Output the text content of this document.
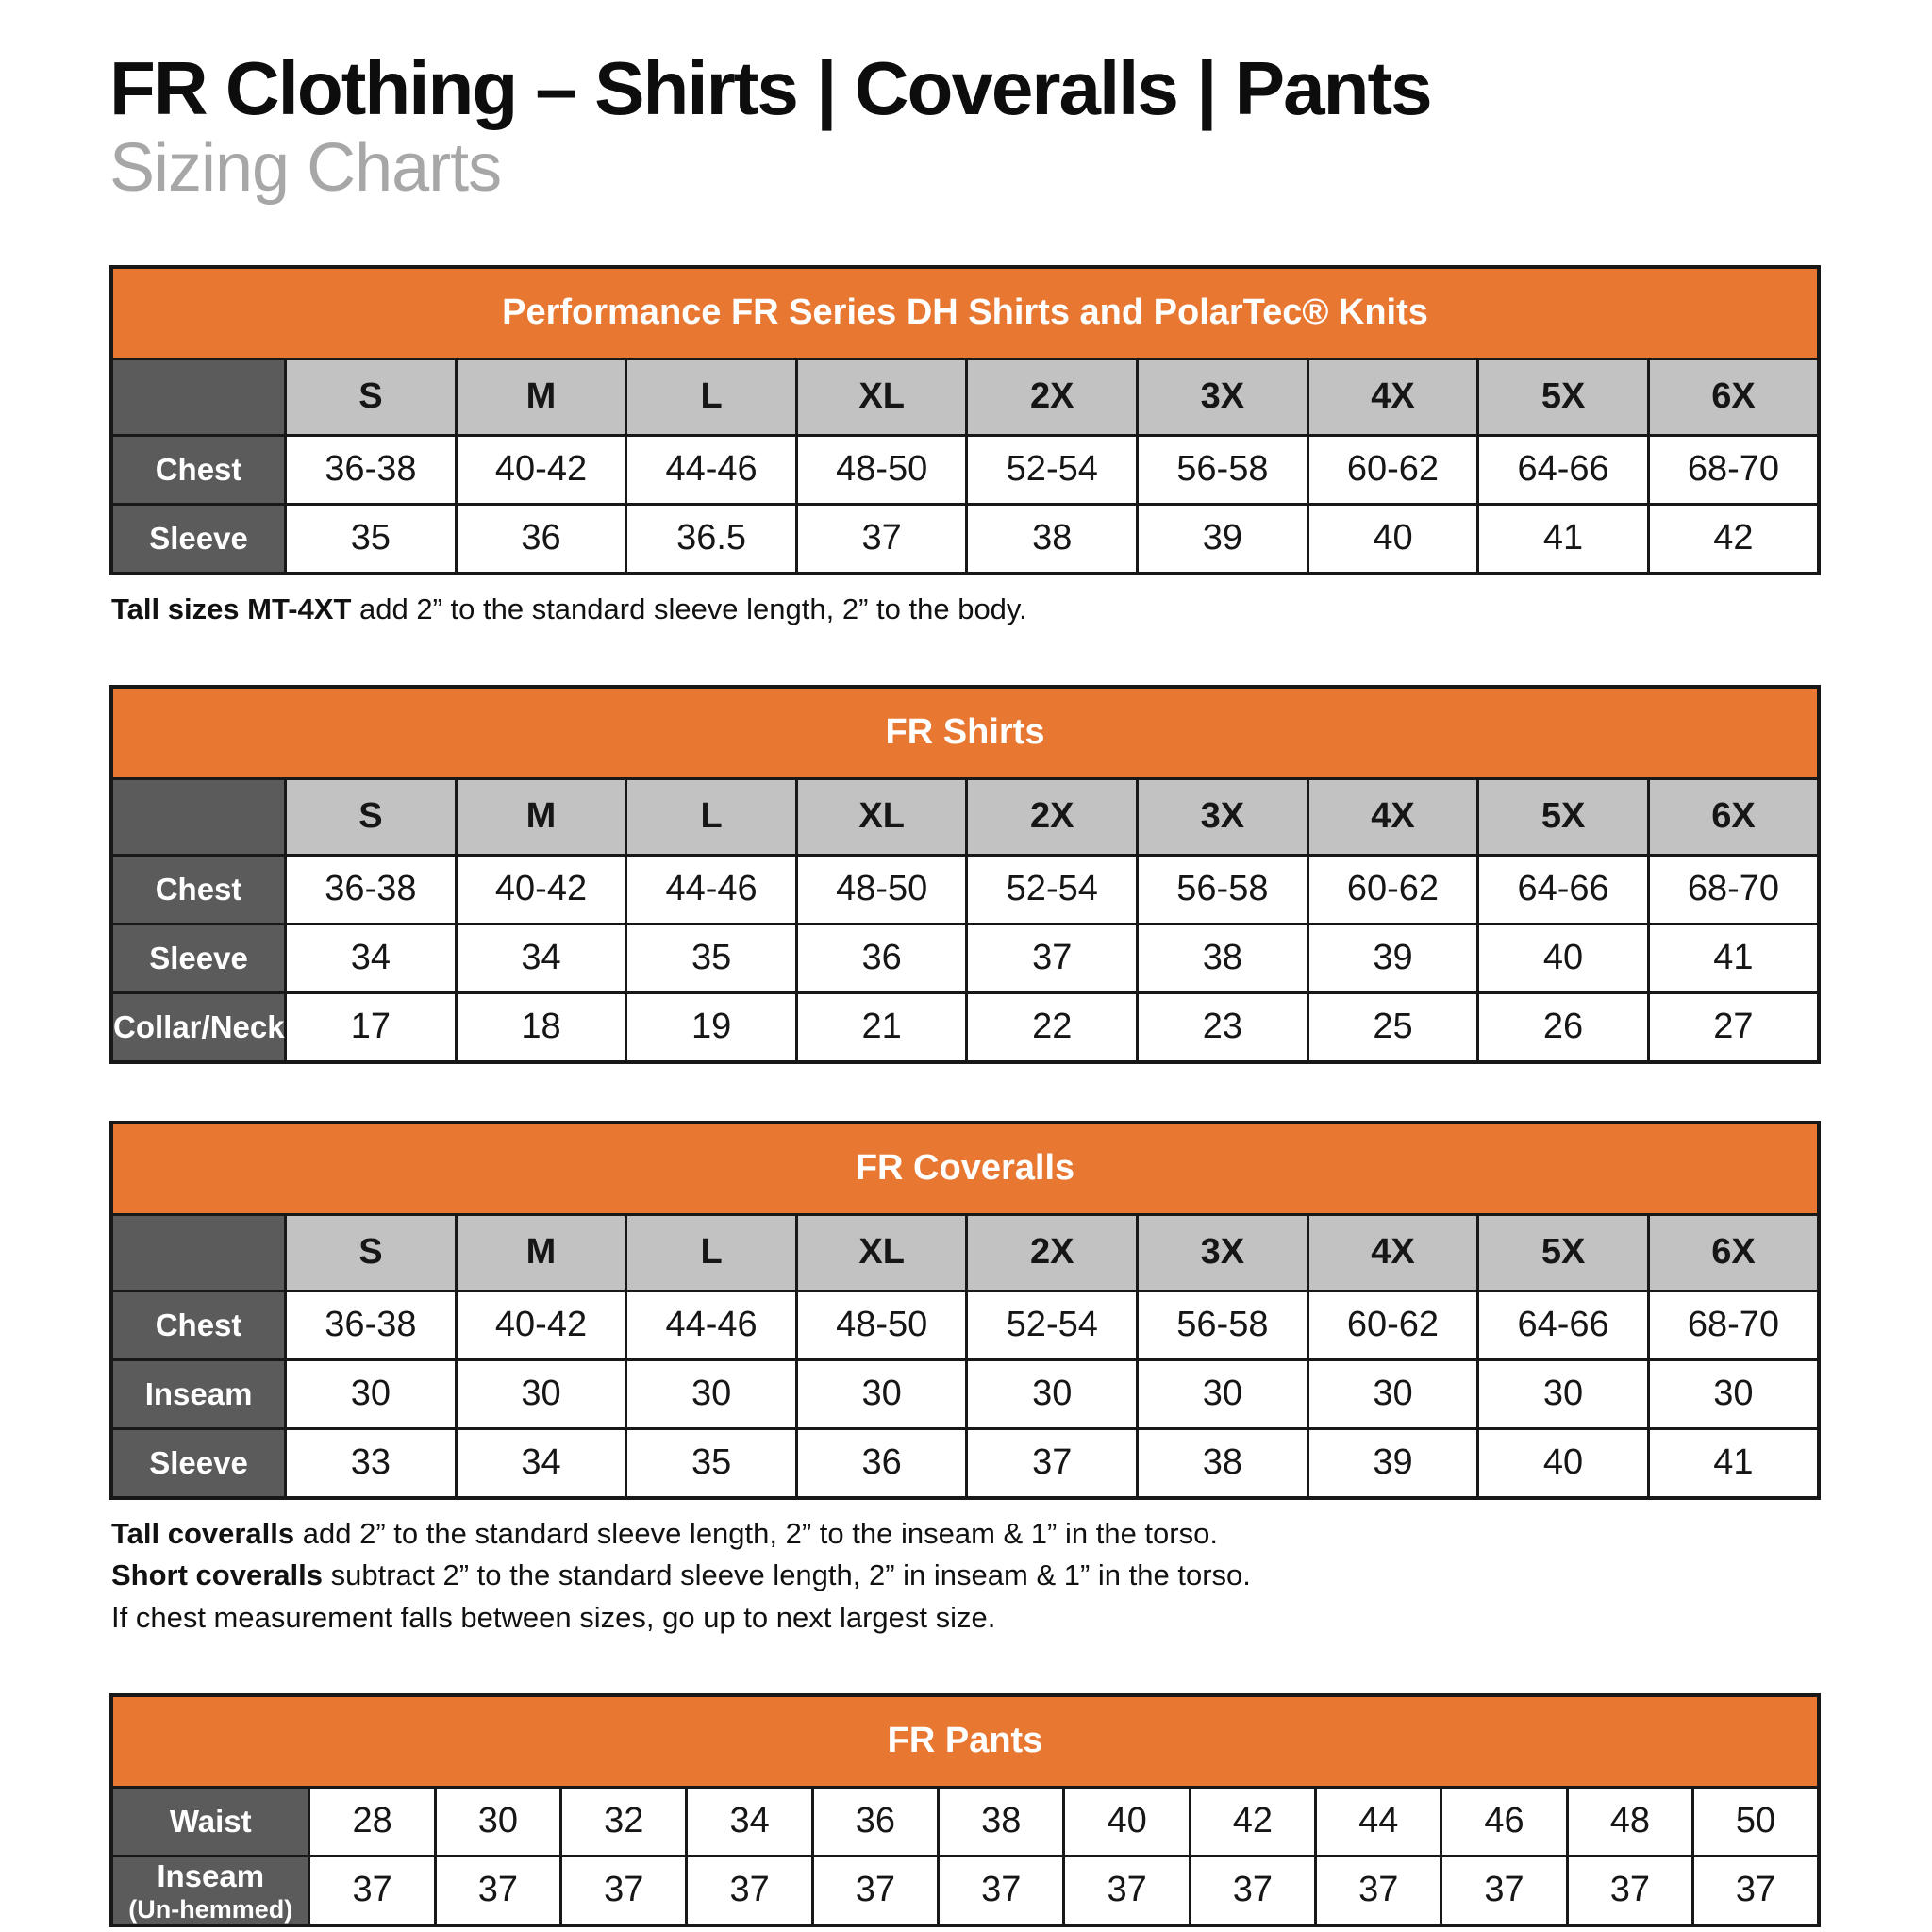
FR Clothing – Shirts | Coveralls | Pants
Sizing Charts
Performance FR Series DH Shirts and PolarTec® Knits									
	S	M	L	XL	2X	3X	4X	5X	6X
Chest	36-38	40-42	44-46	48-50	52-54	56-58	60-62	64-66	68-70
Sleeve	35	36	36.5	37	38	39	40	41	42

Tall sizes MT-4XT add 2” to the standard sleeve length, 2” to the body.

FR Shirts									
	S	M	L	XL	2X	3X	4X	5X	6X
Chest	36-38	40-42	44-46	48-50	52-54	56-58	60-62	64-66	68-70
Sleeve	34	34	35	36	37	38	39	40	41
Collar/Neck	17	18	19	21	22	23	25	26	27
FR Coveralls									
	S	M	L	XL	2X	3X	4X	5X	6X
Chest	36-38	40-42	44-46	48-50	52-54	56-58	60-62	64-66	68-70
Inseam	30	30	30	30	30	30	30	30	30
Sleeve	33	34	35	36	37	38	39	40	41

Tall coveralls add 2” to the standard sleeve length, 2” to the inseam & 1” in the torso.

Short coveralls subtract 2” to the standard sleeve length, 2” in inseam & 1” in the torso.

If chest measurement falls between sizes, go up to next largest size.

FR Pants												
Waist	28	30	32	34	36	38	40	42	44	46	48	50
Inseam
(Un-hemmed)	37	37	37	37	37	37	37	37	37	37	37	37
